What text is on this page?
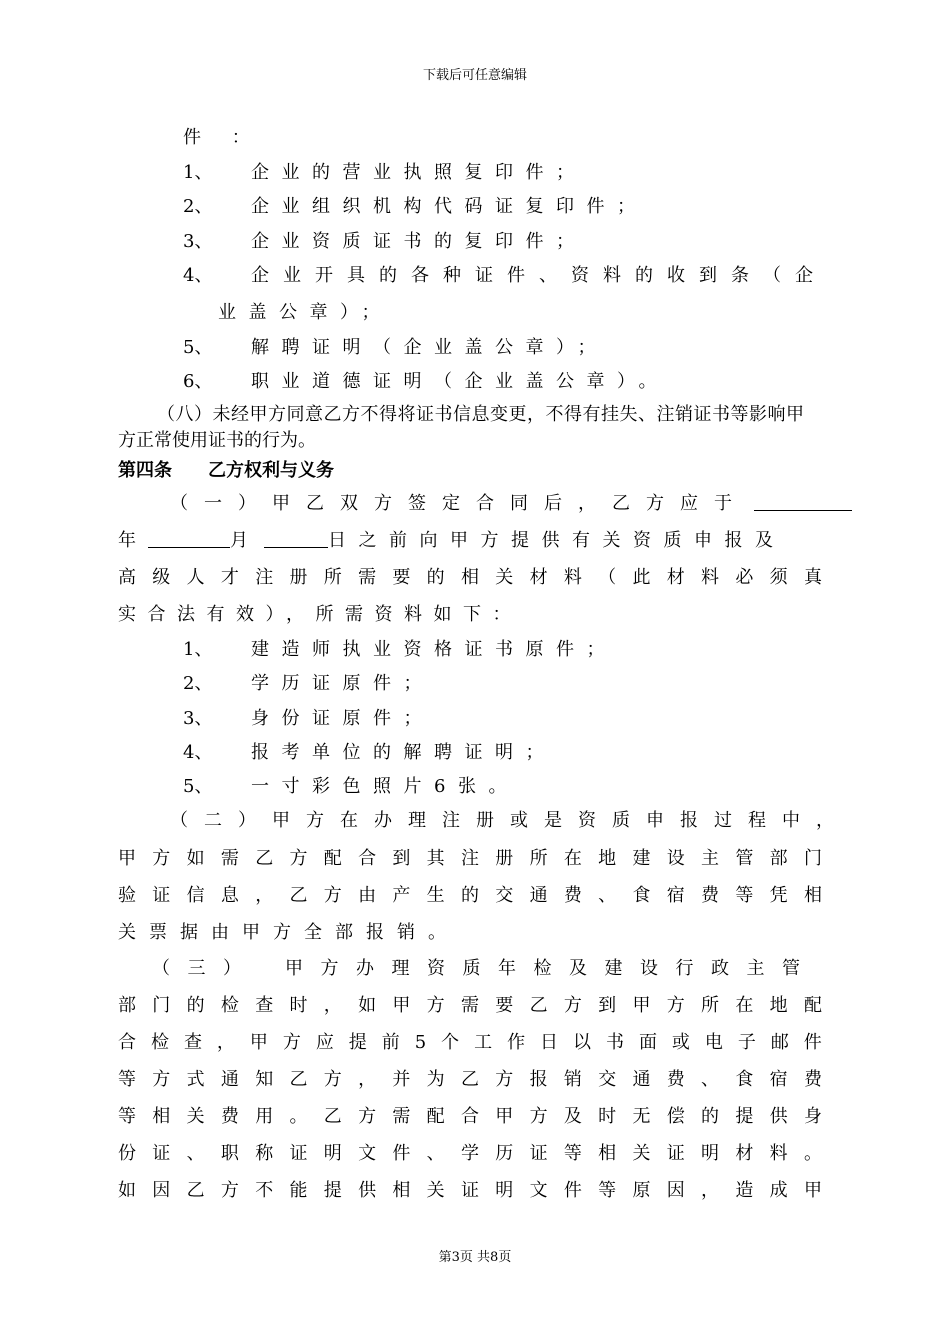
下载后可任意编辑
件 ：
1、 企业的营业执照复印件；
2、 企业组织机构代码证复印件；
3、 企业资质证书的复印件；
4、 企业开具的各种证件、资料的收到条（企
业盖公章）；
5、 解聘证明（企业盖公章）；
6、 职业道德证明（企业盖公章）。
（八）未经甲方同意乙方不得将证书信息变更，不得有挂失、注销证书等影响甲
方正常使用证书的行为。
第四条　　乙方权利与义务
（一）甲乙双方签定合同后，乙方应于
年	月	日之前向甲方提供有关资质申报及
高 级 人 才 注 册 所 需 要 的 相 关 材 料 （ 此 材 料 必 须 真
实合法有效），所需资料如下：
1、 建造师执业资格证书原件；
2、 学历证原件；
3、 身份证原件；
4、 报考单位的解聘证明；
5、 一寸彩色照片6张。
（二）甲方在办理注册或是资质申报过程中，
甲 方 如 需 乙 方 配 合 到 其 注 册 所 在 地 建 设 主 管 部 门
验 证 信 息 ， 乙 方 由 产 生 的 交 通 费 、 食 宿 费 等 凭 相
关票据由甲方全部报销。
（三）　甲方办理资质年检及建设行政主管
部 门 的 检 查 时 ， 如 甲 方 需 要 乙 方 到 甲 方 所 在 地 配
合 检 查 ， 甲 方 应 提 前 5 个 工 作 日 以 书 面 或 电 子 邮 件
等 方 式 通 知 乙 方 ， 并 为 乙 方 报 销 交 通 费 、 食 宿 费
等 相 关 费 用 。 乙 方 需 配 合 甲 方 及 时 无 偿 的 提 供 身
份 证 、 职 称 证 明 文 件 、 学 历 证 等 相 关 证 明 材 料 。
如 因 乙 方 不 能 提 供 相 关 证 明 文 件 等 原 因 ， 造 成 甲
第3页 共8页
